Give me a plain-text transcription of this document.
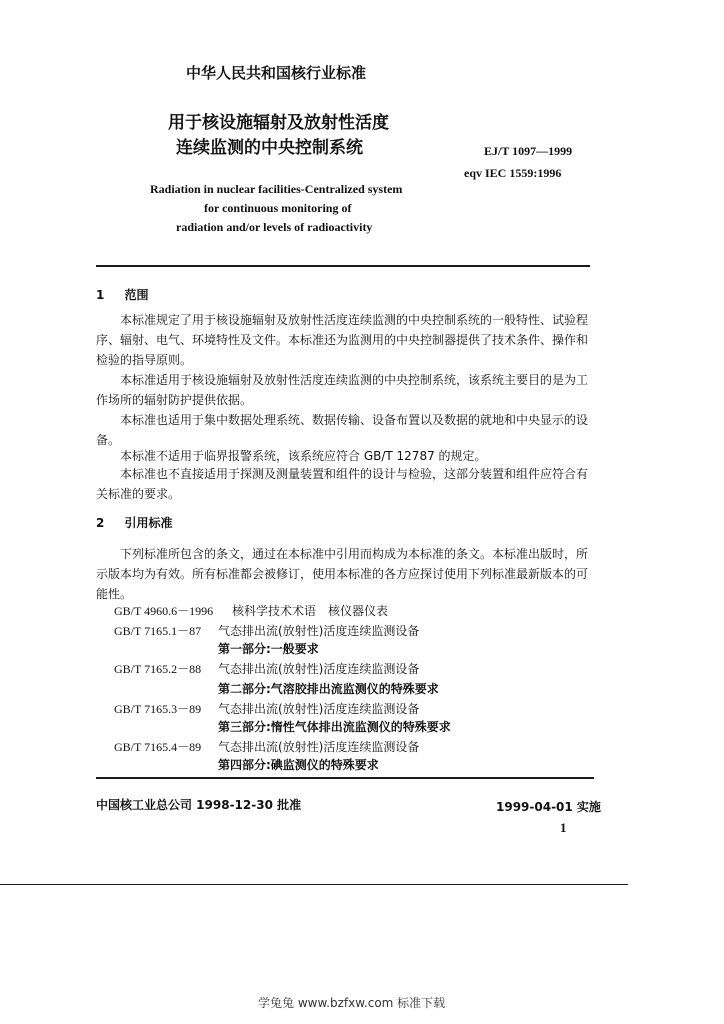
中华人民共和国核行业标准
用于核设施辐射及放射性活度
连续监测的中央控制系统	EJ/T 1097—1999
eqv IEC 1559:1996
Radiation in nuclear facilities-Centralized system
for continuous monitoring of
radiation and/or levels of radioactivity
1 范围

本标准规定了用于核设施辐射及放射性活度连续监测的中央控制系统的一般特性、试验程序、辐射、电气、环境特性及文件。本标准还为监测用的中央控制器提供了技术条件、操作和检验的指导原则。

本标准适用于核设施辐射及放射性活度连续监测的中央控制系统，该系统主要目的是为工作场所的辐射防护提供依据。

本标准也适用于集中数据处理系统、数据传输、设备布置以及数据的就地和中央显示的设备。

本标准不适用于临界报警系统，该系统应符合 GB/T 12787 的规定。

本标准也不直接适用于探测及测量装置和组件的设计与检验，这部分装置和组件应符合有关标准的要求。

2 引用标准

下列标准所包含的条文，通过在本标准中引用而构成为本标准的条文。本标准出版时，所示版本均为有效。所有标准都会被修订，使用本标准的各方应探讨使用下列标准最新版本的可能性。

GB/T 4960.6－1996 核科学技术术语　核仪器仪表
GB/T 7165.1－87 气态排出流(放射性)活度连续监测设备
第一部分:一般要求
GB/T 7165.2－88 气态排出流(放射性)活度连续监测设备
第二部分:气溶胶排出流监测仪的特殊要求
GB/T 7165.3－89 气态排出流(放射性)活度连续监测设备
第三部分:惰性气体排出流监测仪的特殊要求
GB/T 7165.4－89 气态排出流(放射性)活度连续监测设备
第四部分:碘监测仪的特殊要求
中国核工业总公司 1998-12-30 批准	1999-04-01 实施
1
学兔兔 www.bzfxw.com 标准下载
